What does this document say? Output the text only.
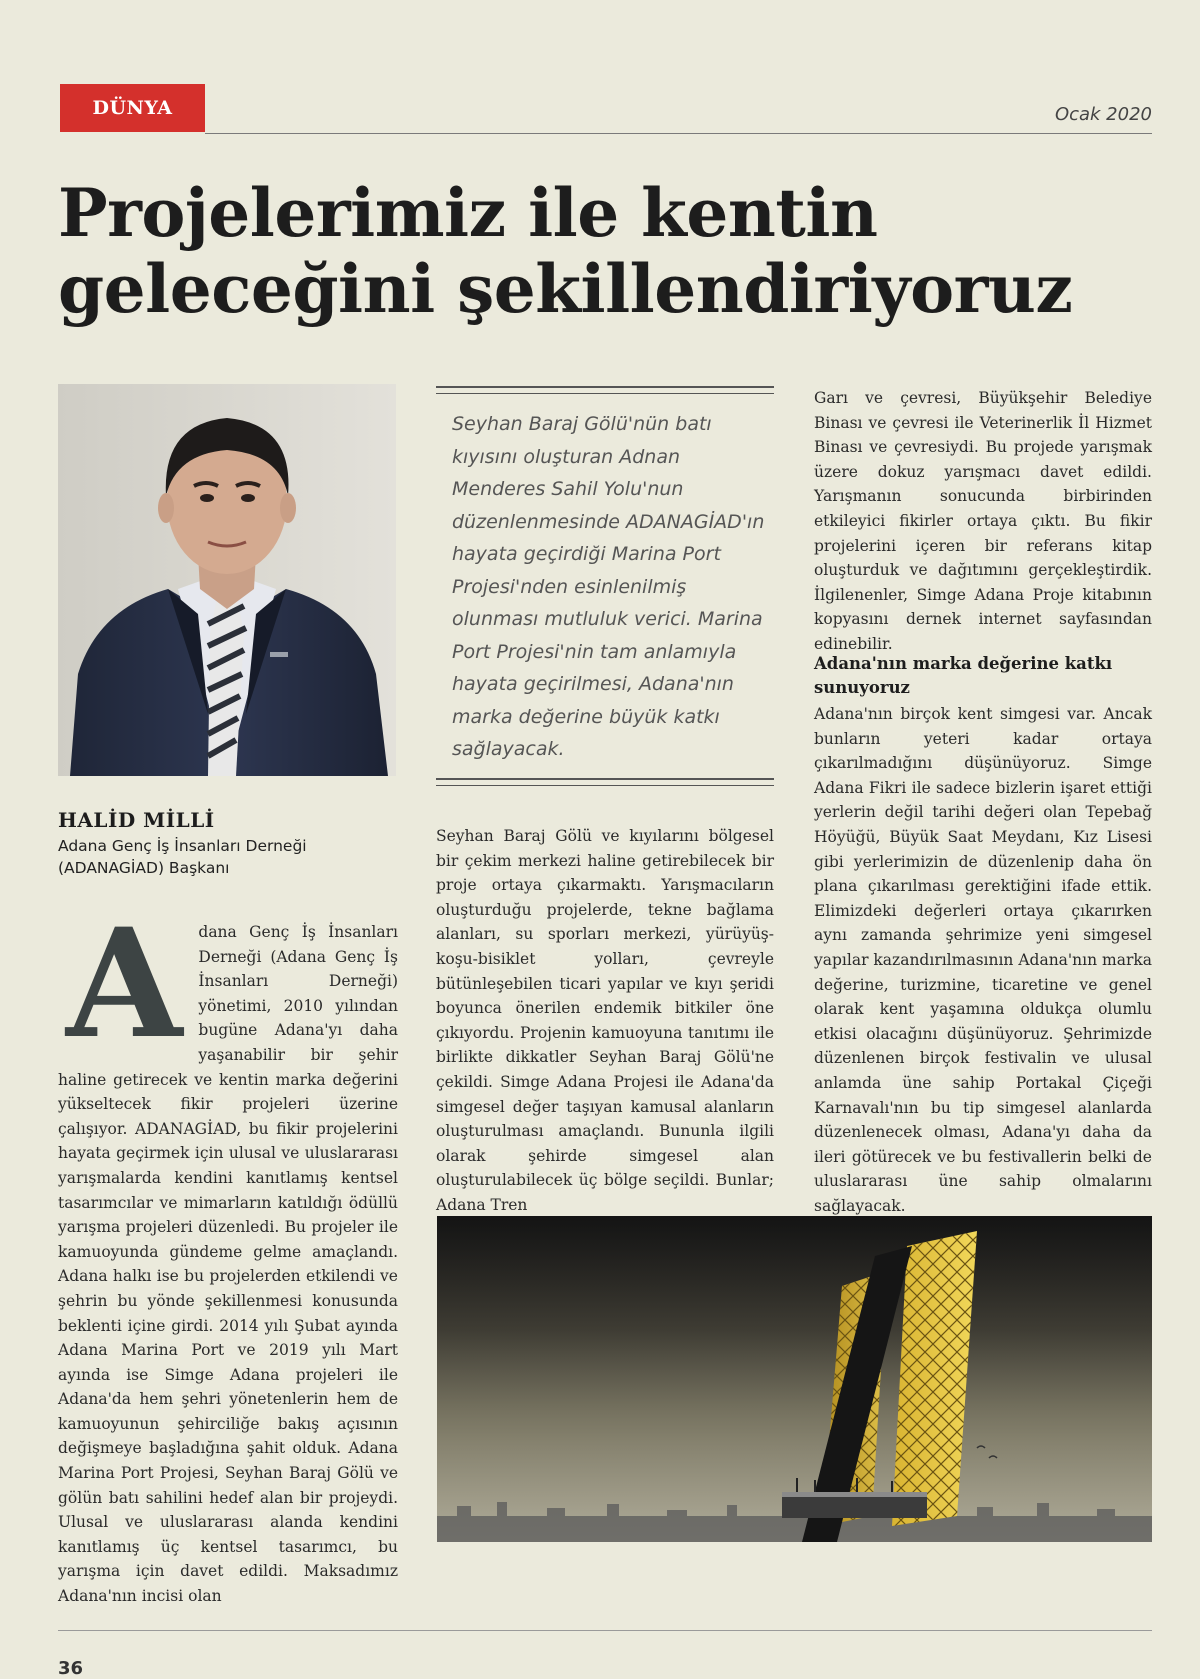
DÜNYA	Ocak 2020
Projelerimiz ile kentin geleceğini şekillendiriyoruz
HALİD MİLLİ
Adana Genç İş İnsanları Derneği (ADANAGİAD) Başkanı
A dana Genç İş İnsanları Derneği (Adana Genç İş İnsanları Derneği) yönetimi, 2010 yılından bugüne Adana'yı daha yaşanabilir bir şehir haline getirecek ve kentin marka değerini yükseltecek fikir projeleri üzerine çalışıyor. ADANAGİAD, bu fikir projelerini hayata geçirmek için ulusal ve uluslararası yarışmalarda kendini kanıtlamış kentsel tasarımcılar ve mimarların katıldığı ödüllü yarışma projeleri düzenledi. Bu projeler ile kamuoyunda gündeme gelme amaçlandı. Adana halkı ise bu projelerden etkilendi ve şehrin bu yönde şekillenmesi konusunda beklenti içine girdi. 2014 yılı Şubat ayında Adana Marina Port ve 2019 yılı Mart ayında ise Simge Adana projeleri ile Adana'da hem şehri yönetenlerin hem de kamuoyunun şehirciliğe bakış açısının değişmeye başladığına şahit olduk. Adana Marina Port Projesi, Seyhan Baraj Gölü ve gölün batı sahilini hedef alan bir projeydi. Ulusal ve uluslararası alanda kendini kanıtlamış üç kentsel tasarımcı, bu yarışma için davet edildi. Maksadımız Adana'nın incisi olan

Seyhan Baraj Gölü'nün batı kıyısını oluşturan Adnan Menderes Sahil Yolu'nun düzenlenmesinde ADANAGİAD'ın hayata geçirdiği Marina Port Projesi'nden esinlenilmiş olunması mutluluk verici. Marina Port Projesi'nin tam anlamıyla hayata geçirilmesi, Adana'nın marka değerine büyük katkı sağlayacak.

Seyhan Baraj Gölü ve kıyılarını bölgesel bir çekim merkezi haline getirebilecek bir proje ortaya çıkarmaktı. Yarışmacıların oluşturduğu projelerde, tekne bağlama alanları, su sporları merkezi, yürüyüş-koşu-bisiklet yolları, çevreyle bütünleşebilen ticari yapılar ve kıyı şeridi boyunca önerilen endemik bitkiler öne çıkıyordu. Projenin kamuoyuna tanıtımı ile birlikte dikkatler Seyhan Baraj Gölü'ne çekildi. Simge Adana Projesi ile Adana'da simgesel değer taşıyan kamusal alanların oluşturulması amaçlandı. Bununla ilgili olarak şehirde simgesel alan oluşturulabilecek üç bölge seçildi. Bunlar; Adana Tren

Garı ve çevresi, Büyükşehir Belediye Binası ve çevresi ile Veterinerlik İl Hizmet Binası ve çevresiydi. Bu projede yarışmak üzere dokuz yarışmacı davet edildi. Yarışmanın sonucunda birbirinden etkileyici fikirler ortaya çıktı. Bu fikir projelerini içeren bir referans kitap oluşturduk ve dağıtımını gerçekleştirdik. İlgilenenler, Simge Adana Proje kitabının kopyasını dernek internet sayfasından edinebilir.

Adana'nın marka değerine katkı sunuyoruz

Adana'nın birçok kent simgesi var. Ancak bunların yeteri kadar ortaya çıkarılmadığını düşünüyoruz. Simge Adana Fikri ile sadece bizlerin işaret ettiği yerlerin değil tarihi değeri olan Tepebağ Höyüğü, Büyük Saat Meydanı, Kız Lisesi gibi yerlerimizin de düzenlenip daha ön plana çıkarılması gerektiğini ifade ettik. Elimizdeki değerleri ortaya çıkarırken aynı zamanda şehrimize yeni simgesel yapılar kazandırılmasının Adana'nın marka değerine, turizmine, ticaretine ve genel olarak kent yaşamına oldukça olumlu etkisi olacağını düşünüyoruz. Şehrimizde düzenlenen birçok festivalin ve ulusal anlamda üne sahip Portakal Çiçeği Karnavalı'nın bu tip simgesel alanlarda düzenlenecek olması, Adana'yı daha da ileri götürecek ve bu festivallerin belki de uluslararası üne sahip olmalarını sağlayacak.

36
